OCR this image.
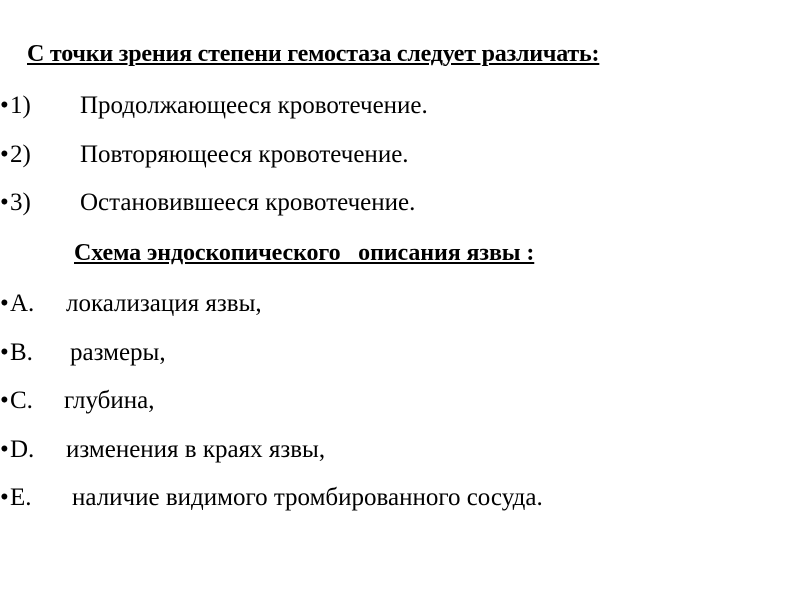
С точки зрения степени гемостаза следует различать:

•

1)

Продолжающееся кровотечение.

•

2)

Повторяющееся кровотечение.

•

3)

Остановившееся кровотечение.

Схема эндоскопического   описания язвы :

•

A.

локализация язвы,

•

B.

размеры,

•

C.

глубина,

•

D.

изменения в краях язвы,

•

E.

наличие видимого тромбированного сосуда.
